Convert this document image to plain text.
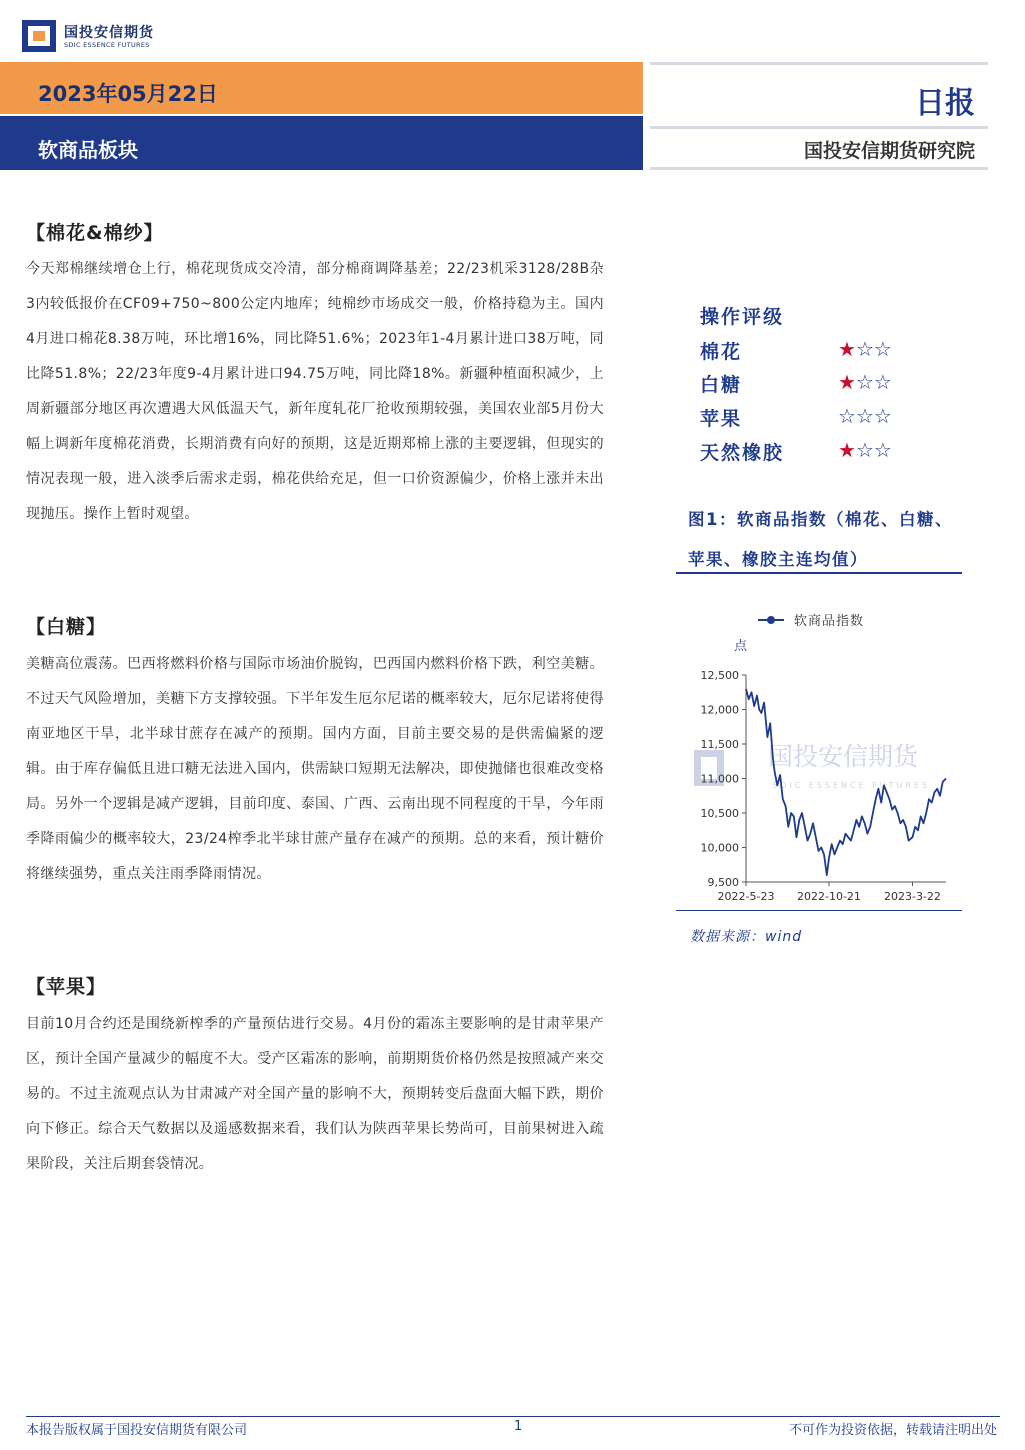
国投安信期货
SDIC ESSENCE FUTURES
2023年05月22日
软商品板块
日报
国投安信期货研究院
【棉花&棉纱】
今天郑棉继续增仓上行，棉花现货成交冷清，部分棉商调降基差；22/23机采3128/28B杂3内较低报价在CF09+750~800公定内地库；纯棉纱市场成交一般，价格持稳为主。国内4月进口棉花8.38万吨，环比增16%，同比降51.6%；2023年1-4月累计进口38万吨，同比降51.8%；22/23年度9-4月累计进口94.75万吨，同比降18%。新疆种植面积减少，上周新疆部分地区再次遭遇大风低温天气，新年度轧花厂抢收预期较强，美国农业部5月份大幅上调新年度棉花消费，长期消费有向好的预期，这是近期郑棉上涨的主要逻辑，但现实的情况表现一般，进入淡季后需求走弱，棉花供给充足，但一口价资源偏少，价格上涨并未出现抛压。操作上暂时观望。
【白糖】
美糖高位震荡。巴西将燃料价格与国际市场油价脱钩，巴西国内燃料价格下跌，利空美糖。不过天气风险增加，美糖下方支撑较强。下半年发生厄尔尼诺的概率较大，厄尔尼诺将使得南亚地区干旱，北半球甘蔗存在减产的预期。国内方面，目前主要交易的是供需偏紧的逻辑。由于库存偏低且进口糖无法进入国内，供需缺口短期无法解决，即使抛储也很难改变格局。另外一个逻辑是减产逻辑，目前印度、泰国、广西、云南出现不同程度的干旱，今年雨季降雨偏少的概率较大，23/24榨季北半球甘蔗产量存在减产的预期。总的来看，预计糖价将继续强势，重点关注雨季降雨情况。
【苹果】
目前10月合约还是围绕新榨季的产量预估进行交易。4月份的霜冻主要影响的是甘肃苹果产区，预计全国产量减少的幅度不大。受产区霜冻的影响，前期期货价格仍然是按照减产来交易的。不过主流观点认为甘肃减产对全国产量的影响不大，预期转变后盘面大幅下跌，期价向下修正。综合天气数据以及遥感数据来看，我们认为陕西苹果长势尚可，目前果树进入疏果阶段，关注后期套袋情况。
操作评级
棉花	★☆☆
白糖	★☆☆
苹果	☆☆☆
天然橡胶	★☆☆
图1：软商品指数（棉花、白糖、苹果、橡胶主连均值）
国投安信期货
SDIC ESSENCE FUTURES
软商品指数
点
9,500
10,000
10,500
11,000
11,500
12,000
12,500
2022-5-23 2022-10-21 2023-3-22
数据来源：wind
本报告版权属于国投安信期货有限公司	1	不可作为投资依据，转载请注明出处
